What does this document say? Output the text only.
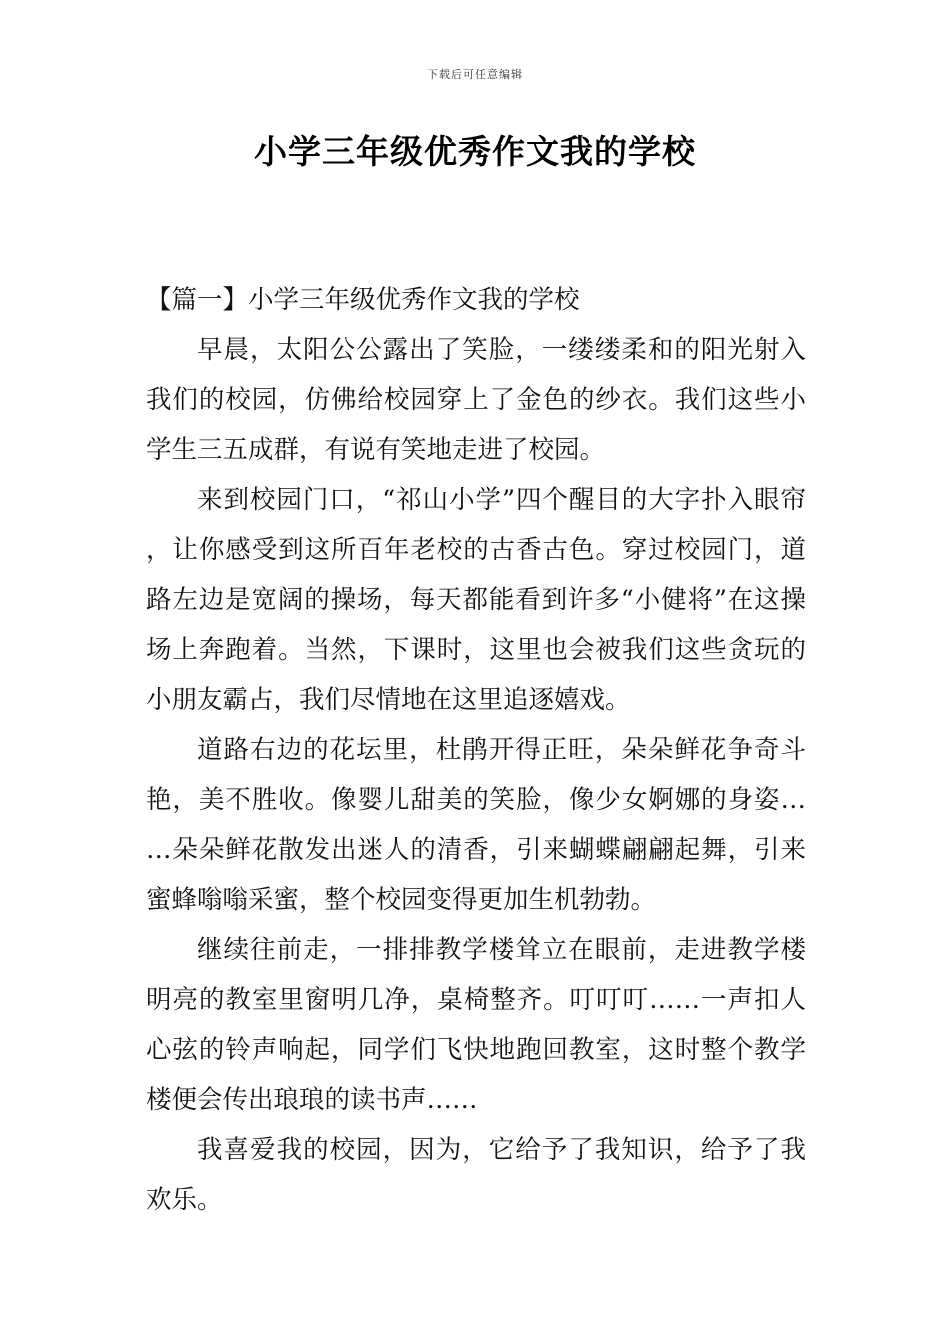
下载后可任意编辑
小学三年级优秀作文我的学校

【篇一】小学三年级优秀作文我的学校

早晨，太阳公公露出了笑脸，一缕缕柔和的阳光射入我们的校园，仿佛给校园穿上了金色的纱衣。我们这些小学生三五成群，有说有笑地走进了校园。

来到校园门口，“祁山小学”四个醒目的大字扑入眼帘，让你感受到这所百年老校的古香古色。穿过校园门，道路左边是宽阔的操场，每天都能看到许多“小健将”在这操场上奔跑着。当然，下课时，这里也会被我们这些贪玩的小朋友霸占，我们尽情地在这里追逐嬉戏。

道路右边的花坛里，杜鹃开得正旺，朵朵鲜花争奇斗艳，美不胜收。像婴儿甜美的笑脸，像少女婀娜的身姿……朵朵鲜花散发出迷人的清香，引来蝴蝶翩翩起舞，引来蜜蜂嗡嗡采蜜，整个校园变得更加生机勃勃。

继续往前走，一排排教学楼耸立在眼前，走进教学楼明亮的教室里窗明几净，桌椅整齐。叮叮叮……一声扣人心弦的铃声响起，同学们飞快地跑回教室，这时整个教学楼便会传出琅琅的读书声……

我喜爱我的校园，因为，它给予了我知识，给予了我欢乐。
